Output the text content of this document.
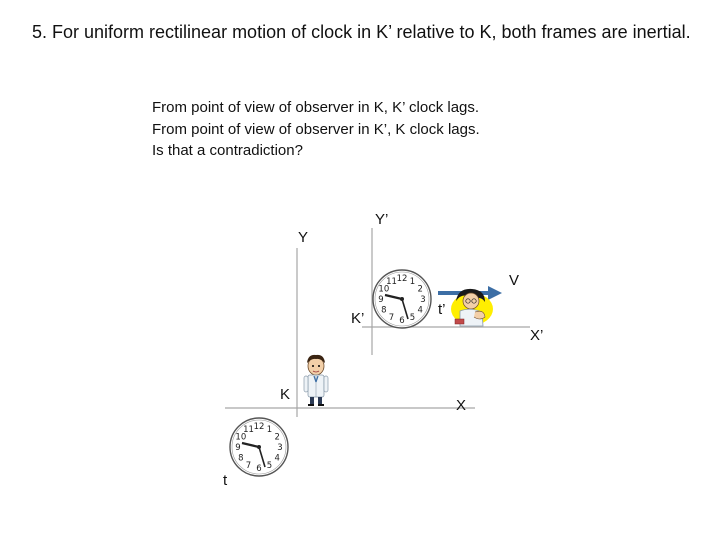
5. For uniform rectilinear motion of clock in K’ relative to K, both frames are inertial.
From point of view of observer in K, K’ clock lags.
From point of view of observer in K’, K clock lags.
Is that a contradiction?
12 1
2
3
4
5
6
7
8
9
10
11
12 1
2
3
4
5
6
7
8
9
10
11
Y’
Y
V
K’
t’
X’
K
X
t
